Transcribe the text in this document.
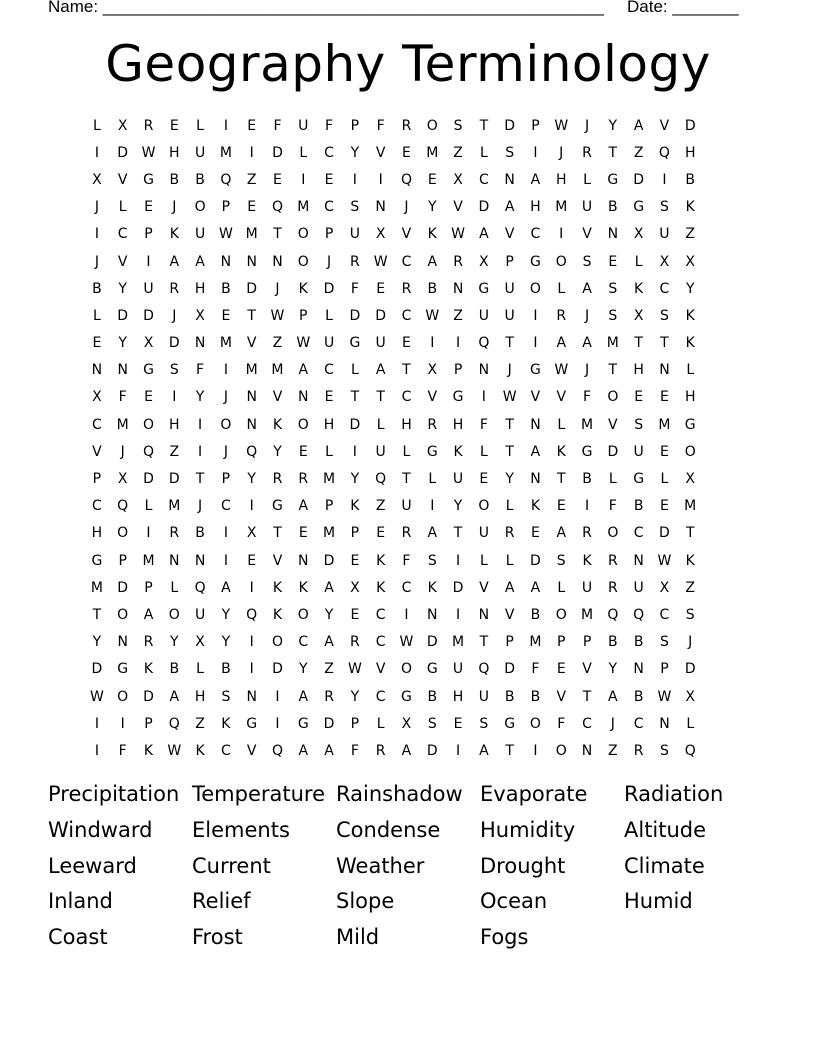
Name: _____________________________________________________ Date: _______
Geography Terminology
L	X	R	E	L	I	E	F	U	F	P	F	R	O	S	T	D	P	W	J	Y	A	V	D
I	D W H	U	M	I	D	L	C	Y	V	E	M	Z	L	S	I	J	R	T	Z	Q	H
X	V	G	B	B	Q	Z	E	I	E	I	I	Q	E	X	C	N	A	H	L	G	D	I	B
J	L	E	J	O	P	E	Q	M	C	S	N	J	Y	V	D	A	H	M	U	B	G	S	K
I	C	P	K	U W M	T	O	P	U	X	V	K	W	A	V	C	I	V	N	X	U	Z
J	V	I	A	A	N	N	N	O	J	R	W C	A	R	X	P	G	O	S	E	L	X	X
B	Y	U	R	H	B	D	J	K	D	F	E	R	B	N	G	U	O	L	A	S	K	C	Y
L	D	D	J	X	E	T	W	P	L	D	D	C W	Z	U	U	I	R	J	S	X	S	K
E	Y	X	D	N	M	V	Z	W U	G	U	E	I	I	Q	T	I	A	A	M	T	T	K
N	N	G	S	F	I	M M	A	C	L	A	T	X	P	N	J	G W	J	T	H	N	L
X	F	E	I	Y	J	N	V	N	E	T	T	C	V	G	I	W	V	V	F	O	E	E	H
C	M	O	H	I	O	N	K	O	H	D	L	H	R	H	F	T	N	L	M	V	S	M	G
V	J	Q	Z	I	J	Q	Y	E	L	I	U	L	G	K	L	T	A	K	G	D	U	E	O
P	X	D	D	T	P	Y	R	R	M	Y	Q	T	L	U	E	Y	N	T	B	L	G	L	X
C	Q	L	M	J	C	I	G	A	P	K	Z	U	I	Y	O	L	K	E	I	F	B	E	M
H	O	I	R	B	I	X	T	E	M	P	E	R	A	T	U	R	E	A	R	O	C	D	T
G	P	M	N	N	I	E	V	N	D	E	K	F	S	I	L	L	D	S	K	R	N W	K
M	D	P	L	Q	A	I	K	K	A	X	K	C	K	D	V	A	A	L	U	R	U	X	Z
T	O	A	O	U	Y	Q	K	O	Y	E	C	I	N	I	N	V	B	O	M	Q	Q	C	S
Y	N	R	Y	X	Y	I	O	C	A	R	C W D	M	T	P	M	P	P	B	B	S	J
D	G	K	B	L	B	I	D	Y	Z	W	V	O	G	U	Q	D	F	E	V	Y	N	P	D
W O	D	A	H	S	N	I	A	R	Y	C	G	B	H	U	B	B	V	T	A	B	W	X
I	I	P	Q	Z	K	G	I	G	D	P	L	X	S	E	S	G	O	F	C	J	C	N	L
I	F	K	W	K	C	V	Q	A	A	F	R	A	D	I	A	T	I	O	N	Z	R	S	Q
Precipitation Temperature Rainshadow Evaporate	Radiation
Windward	Elements	Condense	Humidity	Altitude
Leeward	Current	Weather	Drought	Climate
Inland	Relief	Slope	Ocean	Humid
Coast	Frost	Mild	Fogs
